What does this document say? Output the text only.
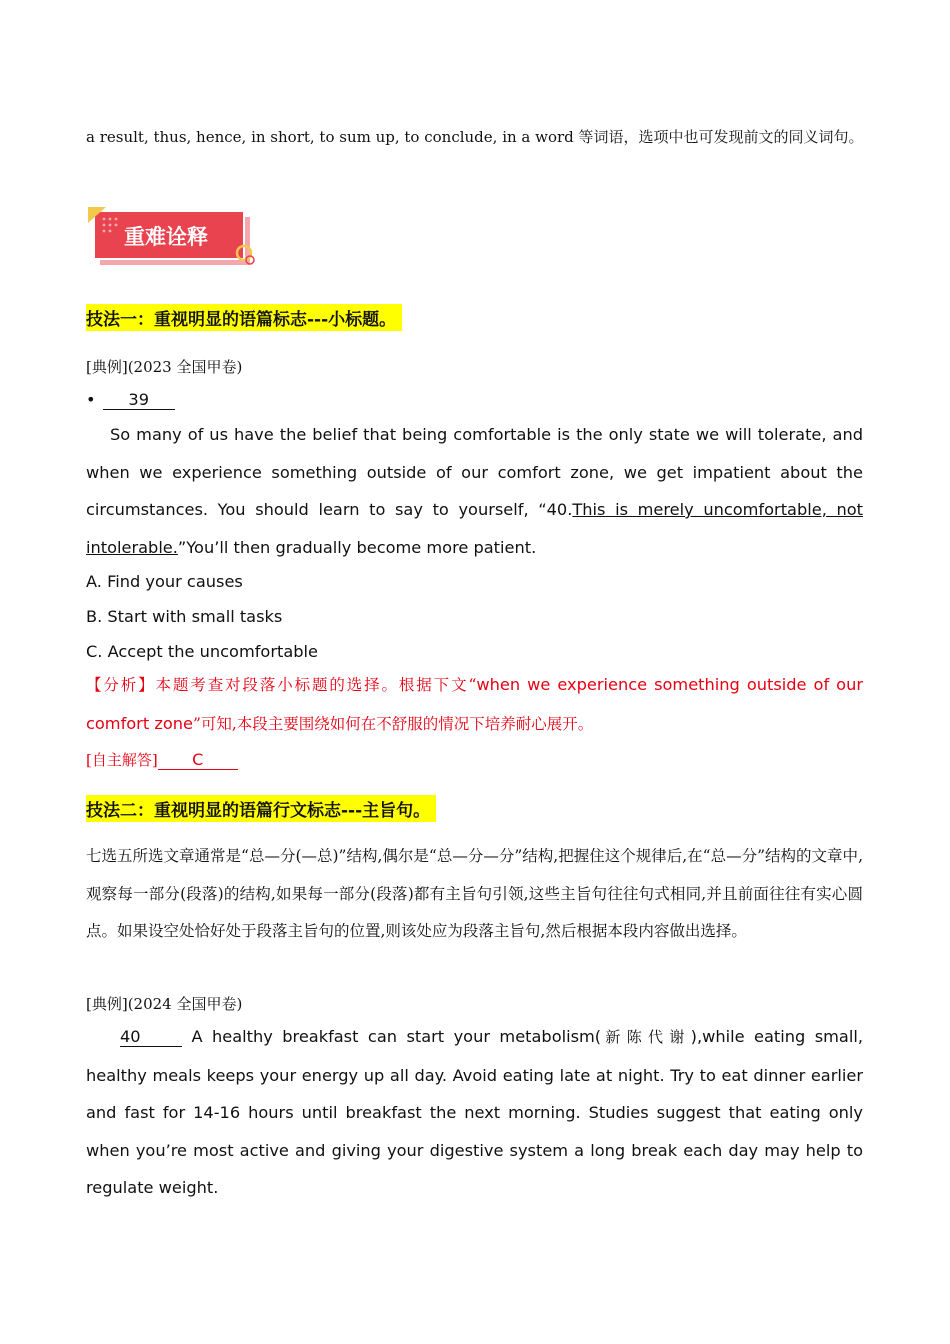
a result, thus, hence, in short, to sum up, to conclude, in a word 等词语，选项中也可发现前文的同义词句。
重难诠释
技法一：重视明显的语篇标志---小标题。
[典例](2023 全国甲卷)
• 39
So many of us have the belief that being comfortable is the only state we will tolerate, and when we experience something outside of our comfort zone, we get impatient about the circumstances. You should learn to say to yourself, “40.This is merely uncomfortable, not intolerable.”You’ll then gradually become more patient.
A. Find your causes
B. Start with small tasks
C. Accept the uncomfortable
【分析】本题考查对段落小标题的选择。根据下文“when we experience something outside of our comfort zone”可知,本段主要围绕如何在不舒服的情况下培养耐心展开。
[自主解答] C
技法二：重视明显的语篇行文标志---主旨句。
七选五所选文章通常是“总—分(—总)”结构,偶尔是“总—分—分”结构,把握住这个规律后,在“总—分”结构的文章中,观察每一部分(段落)的结构,如果每一部分(段落)都有主旨句引领,这些主旨句往往句式相同,并且前面往往有实心圆点。如果设空处恰好处于段落主旨句的位置,则该处应为段落主旨句,然后根据本段内容做出选择。
[典例](2024 全国甲卷)
40	A healthy breakfast can start your metabolism(新陈代谢),while eating small, healthy meals keeps your energy up all day. Avoid eating late at night. Try to eat dinner earlier and fast for 14-16 hours until breakfast the next morning. Studies suggest that eating only when you’re most active and giving your digestive system a long break each day may help to regulate weight.
